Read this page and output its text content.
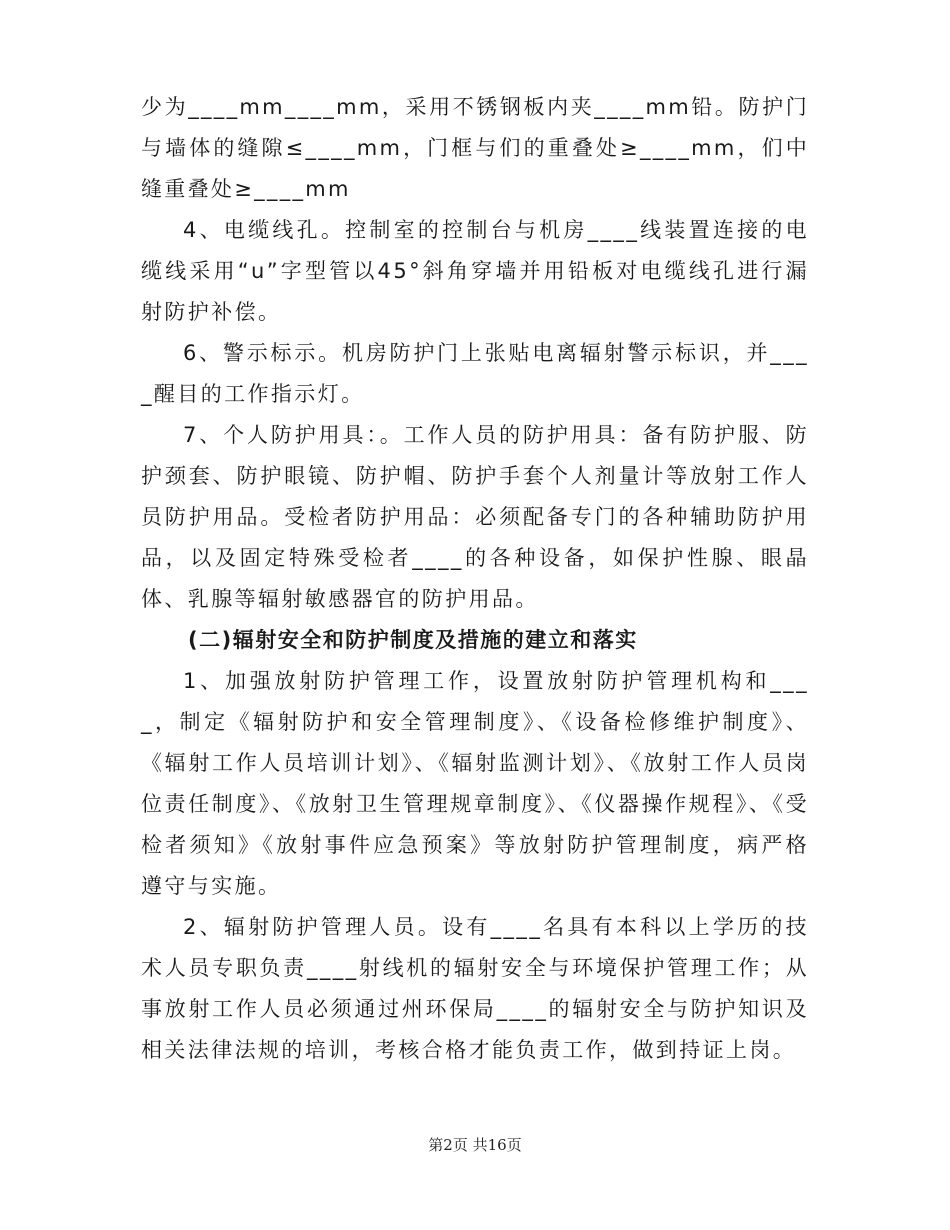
少为____mm____mm，采用不锈钢板内夹____mm铅。防护门与墙体的缝隙≤____mm，门框与们的重叠处≥____mm，们中缝重叠处≥____mm

4、电缆线孔。控制室的控制台与机房____线装置连接的电缆线采用“u”字型管以45°斜角穿墙并用铅板对电缆线孔进行漏射防护补偿。

6、警示标示。机房防护门上张贴电离辐射警示标识，并____醒目的工作指示灯。

7、个人防护用具：。工作人员的防护用具：备有防护服、防护颈套、防护眼镜、防护帽、防护手套个人剂量计等放射工作人员防护用品。受检者防护用品：必须配备专门的各种辅助防护用品，以及固定特殊受检者____的各种设备，如保护性腺、眼晶体、乳腺等辐射敏感器官的防护用品。

(二)辐射安全和防护制度及措施的建立和落实

1、加强放射防护管理工作，设置放射防护管理机构和____，制定《辐射防护和安全管理制度》、《设备检修维护制度》、《辐射工作人员培训计划》、《辐射监测计划》、《放射工作人员岗位责任制度》、《放射卫生管理规章制度》、《仪器操作规程》、《受检者须知》《放射事件应急预案》等放射防护管理制度，病严格遵守与实施。

2、辐射防护管理人员。设有____名具有本科以上学历的技术人员专职负责____射线机的辐射安全与环境保护管理工作；从事放射工作人员必须通过州环保局____的辐射安全与防护知识及相关法律法规的培训，考核合格才能负责工作，做到持证上岗。

第2页 共16页
